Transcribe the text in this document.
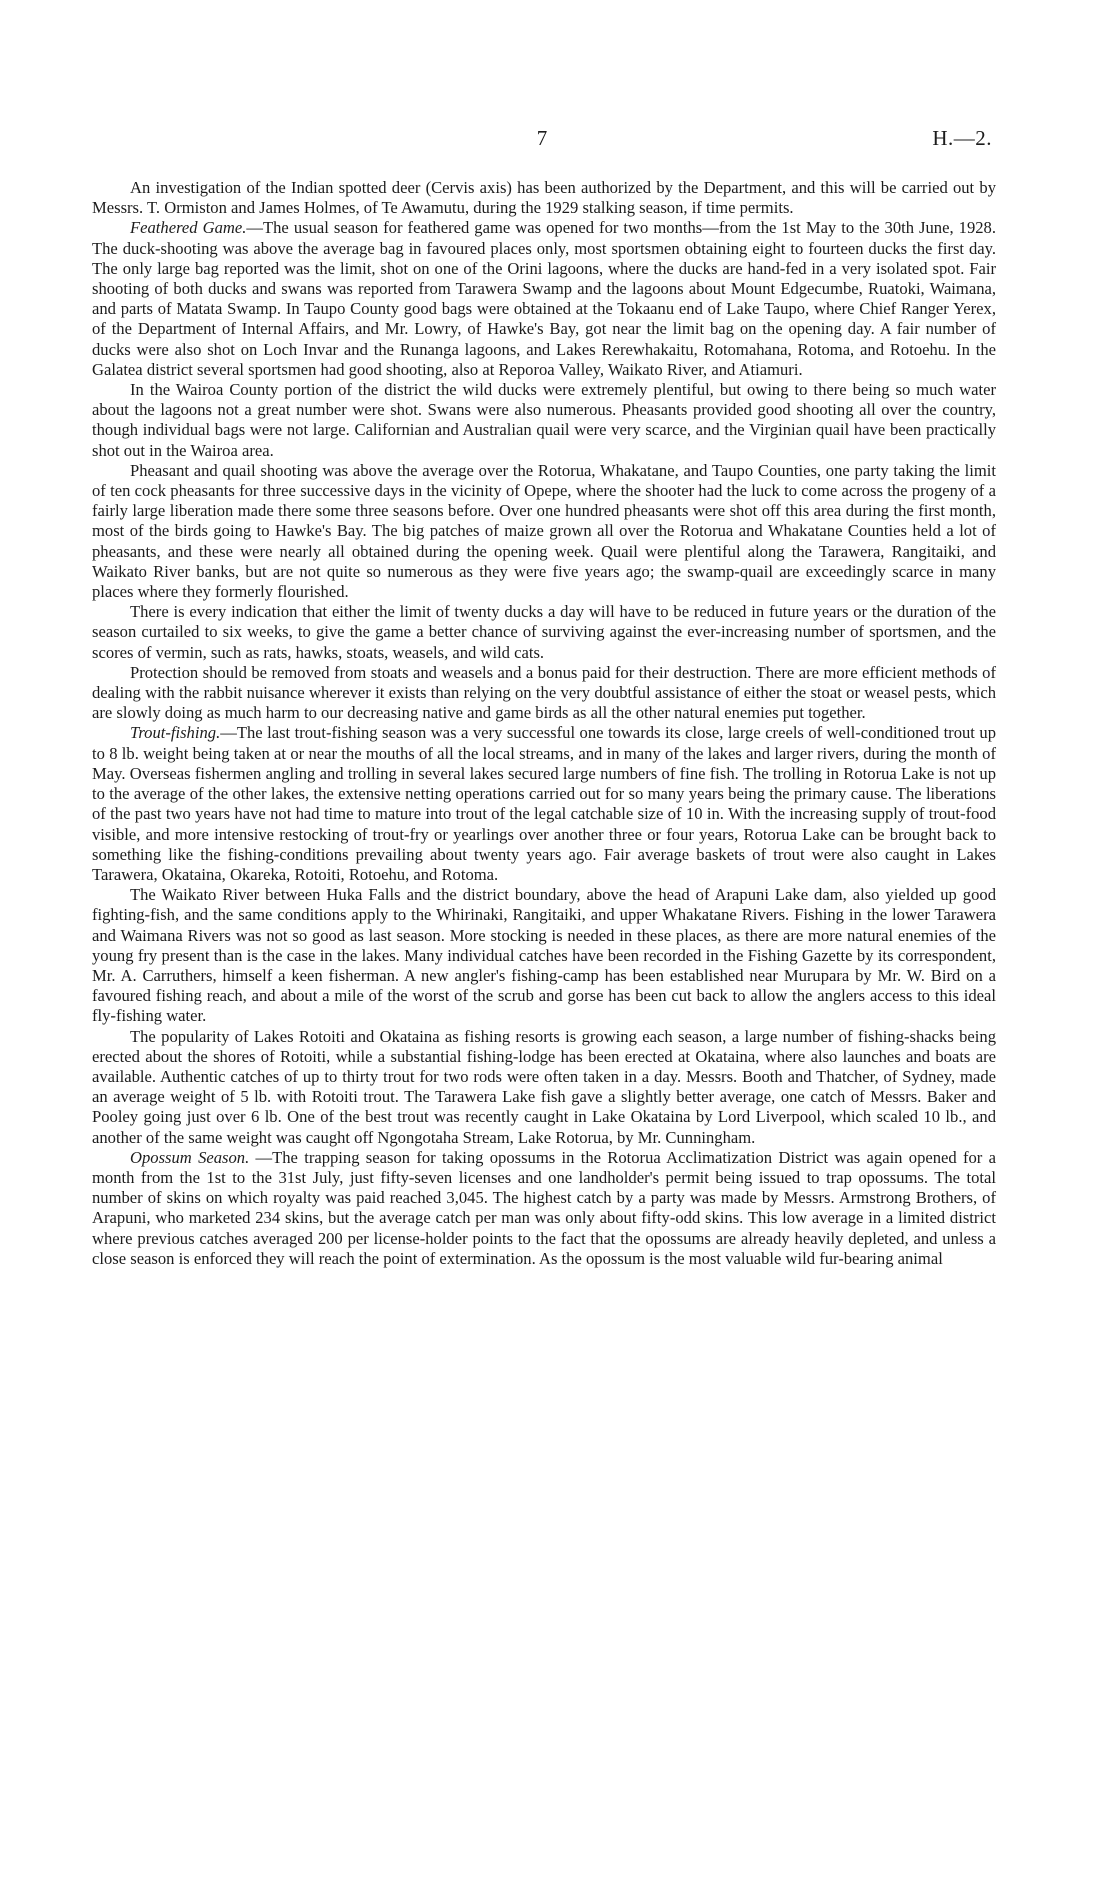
7	H.—2.

An investigation of the Indian spotted deer (Cervis axis) has been authorized by the Department, and this will be carried out by Messrs. T. Ormiston and James Holmes, of Te Awamutu, during the 1929 stalking season, if time permits.

Feathered Game.—The usual season for feathered game was opened for two months—from the 1st May to the 30th June, 1928. The duck-shooting was above the average bag in favoured places only, most sportsmen obtaining eight to fourteen ducks the first day. The only large bag reported was the limit, shot on one of the Orini lagoons, where the ducks are hand-fed in a very isolated spot. Fair shooting of both ducks and swans was reported from Tarawera Swamp and the lagoons about Mount Edgecumbe, Ruatoki, Waimana, and parts of Matata Swamp. In Taupo County good bags were obtained at the Tokaanu end of Lake Taupo, where Chief Ranger Yerex, of the Department of Internal Affairs, and Mr. Lowry, of Hawke's Bay, got near the limit bag on the opening day. A fair number of ducks were also shot on Loch Invar and the Runanga lagoons, and Lakes Rerewhakaitu, Rotomahana, Rotoma, and Rotoehu. In the Galatea district several sportsmen had good shooting, also at Reporoa Valley, Waikato River, and Atiamuri.

In the Wairoa County portion of the district the wild ducks were extremely plentiful, but owing to there being so much water about the lagoons not a great number were shot. Swans were also numerous. Pheasants provided good shooting all over the country, though individual bags were not large. Californian and Australian quail were very scarce, and the Virginian quail have been practically shot out in the Wairoa area.

Pheasant and quail shooting was above the average over the Rotorua, Whakatane, and Taupo Counties, one party taking the limit of ten cock pheasants for three successive days in the vicinity of Opepe, where the shooter had the luck to come across the progeny of a fairly large liberation made there some three seasons before. Over one hundred pheasants were shot off this area during the first month, most of the birds going to Hawke's Bay. The big patches of maize grown all over the Rotorua and Whakatane Counties held a lot of pheasants, and these were nearly all obtained during the opening week. Quail were plentiful along the Tarawera, Rangitaiki, and Waikato River banks, but are not quite so numerous as they were five years ago; the swamp-quail are exceedingly scarce in many places where they formerly flourished.

There is every indication that either the limit of twenty ducks a day will have to be reduced in future years or the duration of the season curtailed to six weeks, to give the game a better chance of surviving against the ever-increasing number of sportsmen, and the scores of vermin, such as rats, hawks, stoats, weasels, and wild cats.

Protection should be removed from stoats and weasels and a bonus paid for their destruction. There are more efficient methods of dealing with the rabbit nuisance wherever it exists than relying on the very doubtful assistance of either the stoat or weasel pests, which are slowly doing as much harm to our decreasing native and game birds as all the other natural enemies put together.

Trout-fishing.—The last trout-fishing season was a very successful one towards its close, large creels of well-conditioned trout up to 8 lb. weight being taken at or near the mouths of all the local streams, and in many of the lakes and larger rivers, during the month of May. Overseas fishermen angling and trolling in several lakes secured large numbers of fine fish. The trolling in Rotorua Lake is not up to the average of the other lakes, the extensive netting operations carried out for so many years being the primary cause. The liberations of the past two years have not had time to mature into trout of the legal catchable size of 10 in. With the increasing supply of trout-food visible, and more intensive restocking of trout-fry or yearlings over another three or four years, Rotorua Lake can be brought back to something like the fishing-conditions prevailing about twenty years ago. Fair average baskets of trout were also caught in Lakes Tarawera, Okataina, Okareka, Rotoiti, Rotoehu, and Rotoma.

The Waikato River between Huka Falls and the district boundary, above the head of Arapuni Lake dam, also yielded up good fighting-fish, and the same conditions apply to the Whirinaki, Rangitaiki, and upper Whakatane Rivers. Fishing in the lower Tarawera and Waimana Rivers was not so good as last season. More stocking is needed in these places, as there are more natural enemies of the young fry present than is the case in the lakes. Many individual catches have been recorded in the Fishing Gazette by its correspondent, Mr. A. Carruthers, himself a keen fisherman. A new angler's fishing-camp has been established near Murupara by Mr. W. Bird on a favoured fishing reach, and about a mile of the worst of the scrub and gorse has been cut back to allow the anglers access to this ideal fly-fishing water.

The popularity of Lakes Rotoiti and Okataina as fishing resorts is growing each season, a large number of fishing-shacks being erected about the shores of Rotoiti, while a substantial fishing-lodge has been erected at Okataina, where also launches and boats are available. Authentic catches of up to thirty trout for two rods were often taken in a day. Messrs. Booth and Thatcher, of Sydney, made an average weight of 5 lb. with Rotoiti trout. The Tarawera Lake fish gave a slightly better average, one catch of Messrs. Baker and Pooley going just over 6 lb. One of the best trout was recently caught in Lake Okataina by Lord Liverpool, which scaled 10 lb., and another of the same weight was caught off Ngongotaha Stream, Lake Rotorua, by Mr. Cunningham.

Opossum Season. —The trapping season for taking opossums in the Rotorua Acclimatization District was again opened for a month from the 1st to the 31st July, just fifty-seven licenses and one landholder's permit being issued to trap opossums. The total number of skins on which royalty was paid reached 3,045. The highest catch by a party was made by Messrs. Armstrong Brothers, of Arapuni, who marketed 234 skins, but the average catch per man was only about fifty-odd skins. This low average in a limited district where previous catches averaged 200 per license-holder points to the fact that the opossums are already heavily depleted, and unless a close season is enforced they will reach the point of extermination. As the opossum is the most valuable wild fur-bearing animal
